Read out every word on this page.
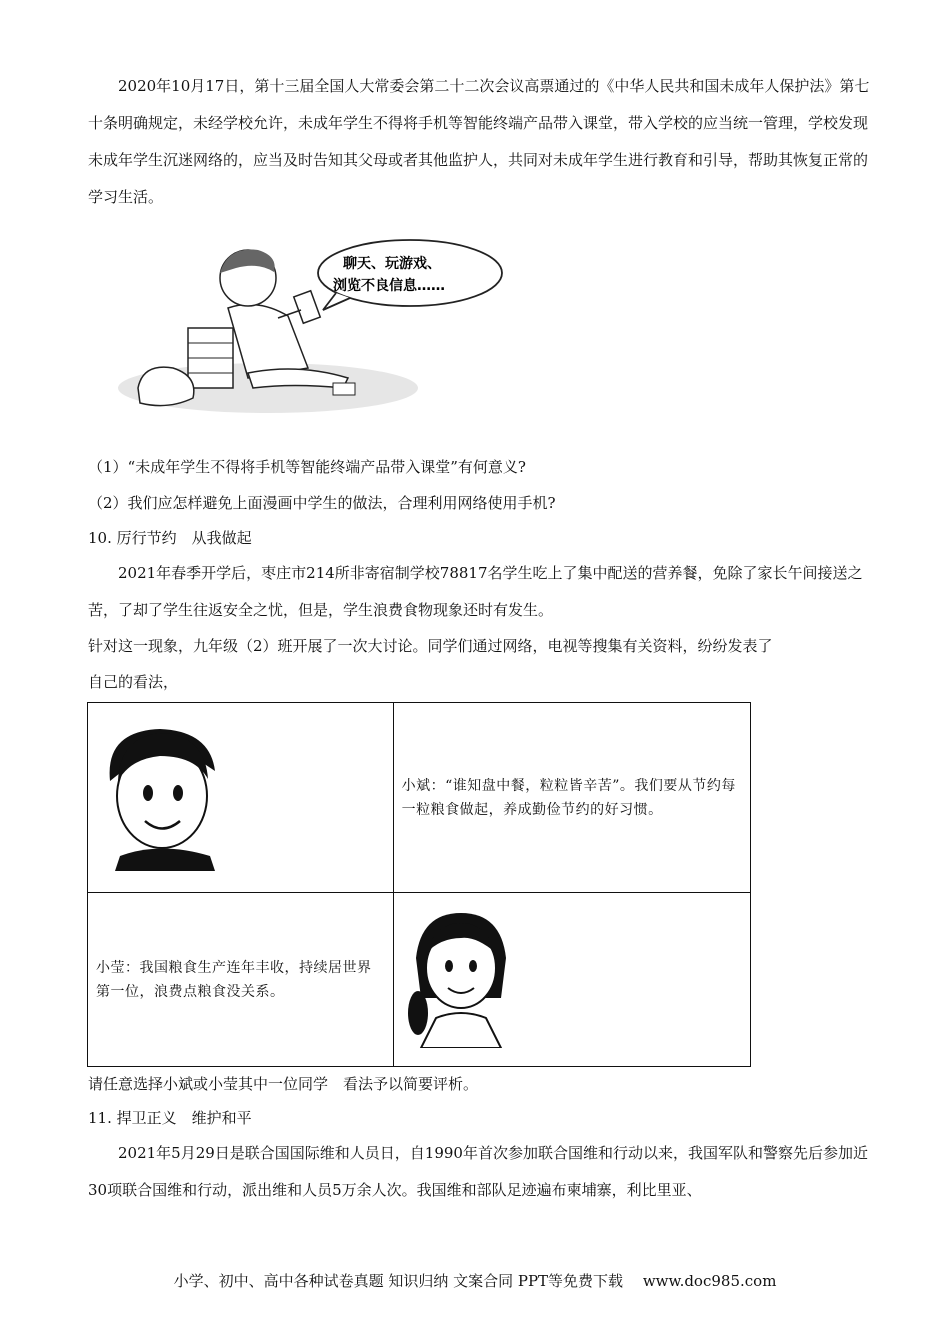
2020年10月17日，第十三届全国人大常委会第二十二次会议高票通过的《中华人民共和国未成年人保护法》第七十条明确规定，未经学校允许，未成年学生不得将手机等智能终端产品带入课堂，带入学校的应当统一管理，学校发现未成年学生沉迷网络的，应当及时告知其父母或者其他监护人，共同对未成年学生进行教育和引导，帮助其恢复正常的学习生活。

聊天、玩游戏、
浏览不良信息……
（1）“未成年学生不得将手机等智能终端产品带入课堂”有何意义?
（2）我们应怎样避免上面漫画中学生的做法，合理利用网络使用手机?
10. 厉行节约　从我做起

2021年春季开学后，枣庄市214所非寄宿制学校78817名学生吃上了集中配送的营养餐，免除了家长午间接送之苦，了却了学生往返安全之忧，但是，学生浪费食物现象还时有发生。

针对这一现象，九年级（2）班开展了一次大讨论。同学们通过网络，电视等搜集有关资料，纷纷发表了
自己的看法，

小斌：“谁知盘中餐，粒粒皆辛苦”。我们要从节约每一粒粮食做起，养成勤俭节约的好习惯。

小莹：我国粮食生产连年丰收，持续居世界第一位，浪费点粮食没关系。

请任意选择小斌或小莹其中一位同学　看法予以简要评析。
11. 捍卫正义　维护和平

2021年5月29日是联合国国际维和人员日，自1990年首次参加联合国维和行动以来，我国军队和警察先后参加近30项联合国维和行动，派出维和人员5万余人次。我国维和部队足迹遍布柬埔寨，利比里亚、

小学、初中、高中各种试卷真题 知识归纳 文案合同 PPT等免费下载　 www.doc985.com
